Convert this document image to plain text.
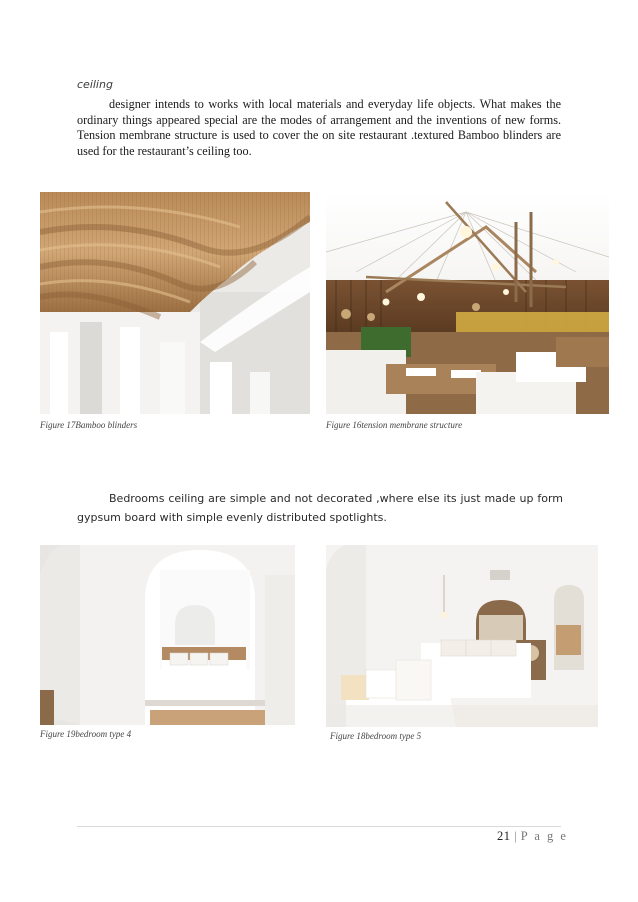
ceiling
designer intends to works with local materials and everyday life objects. What makes the ordinary things appeared special are the modes of arrangement and the inventions of new forms. Tension membrane structure is used to cover the on site restaurant .textured Bamboo blinders are used for the restaurant’s ceiling too.
Figure 17Bamboo blinders	Figure 16tension membrane structure
Bedrooms ceiling are simple and not decorated ,where else its just made up form gypsum board with simple evenly distributed spotlights.
Figure 19bedroom type 4	Figure 18bedroom type 5
21 | P a g e
